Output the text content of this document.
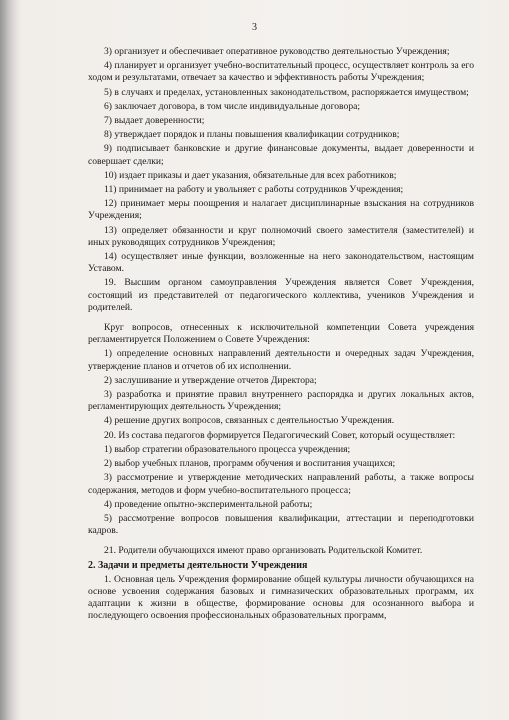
3

3) организует и обеспечивает оперативное руководство деятельностью Учреждения;

4) планирует и организует учебно-воспитательный процесс, осуществляет контроль за его ходом и результатами, отвечает за качество и эффективность работы Учреждения;

5) в случаях и пределах, установленных законодательством, распоряжается имуществом;

6) заключает договора, в том числе индивидуальные договора;

7) выдает доверенности;

8) утверждает порядок и планы повышения квалификации сотрудников;

9) подписывает банковские и другие финансовые документы, выдает доверенности и совершает сделки;

10) издает приказы и дает указания, обязательные для всех работников;

11) принимает на работу и увольняет с работы сотрудников Учреждения;

12) принимает меры поощрения и налагает дисциплинарные взыскания на сотрудников Учреждения;

13) определяет обязанности и круг полномочий своего заместителя (заместителей) и иных руководящих сотрудников Учреждения;

14) осуществляет иные функции, возложенные на него законодательством, настоящим Уставом.

19. Высшим органом самоуправления Учреждения является Совет Учреждения, состоящий из представителей от педагогического коллектива, учеников Учреждения и родителей.

Круг вопросов, отнесенных к исключительной компетенции Совета учреждения регламентируется Положением о Совете Учреждения:

1) определение основных направлений деятельности и очередных задач Учреждения, утверждение планов и отчетов об их исполнении.

2) заслушивание и утверждение отчетов Директора;

3) разработка и принятие правил внутреннего распорядка и других локальных актов, регламентирующих деятельность Учреждения;

4) решение других вопросов, связанных с деятельностью Учреждения.

20. Из состава педагогов формируется Педагогический Совет, который осуществляет:

1) выбор стратегии образовательного процесса учреждения;

2) выбор учебных планов, программ обучения и воспитания учащихся;

3) рассмотрение и утверждение методических направлений работы, а также вопросы содержания, методов и форм учебно-воспитательного процесса;

4) проведение опытно-экспериментальной работы;

5) рассмотрение вопросов повышения квалификации, аттестации и переподготовки кадров.

21. Родители обучающихся имеют право организовать Родительской Комитет.

2. Задачи и предметы деятельности Учреждения

1. Основная цель Учреждения формирование общей культуры личности обучающихся на основе усвоения содержания базовых и гимназических образовательных программ, их адаптации к жизни в обществе, формирование основы для осознанного выбора и последующего освоения профессиональных образовательных программ,
